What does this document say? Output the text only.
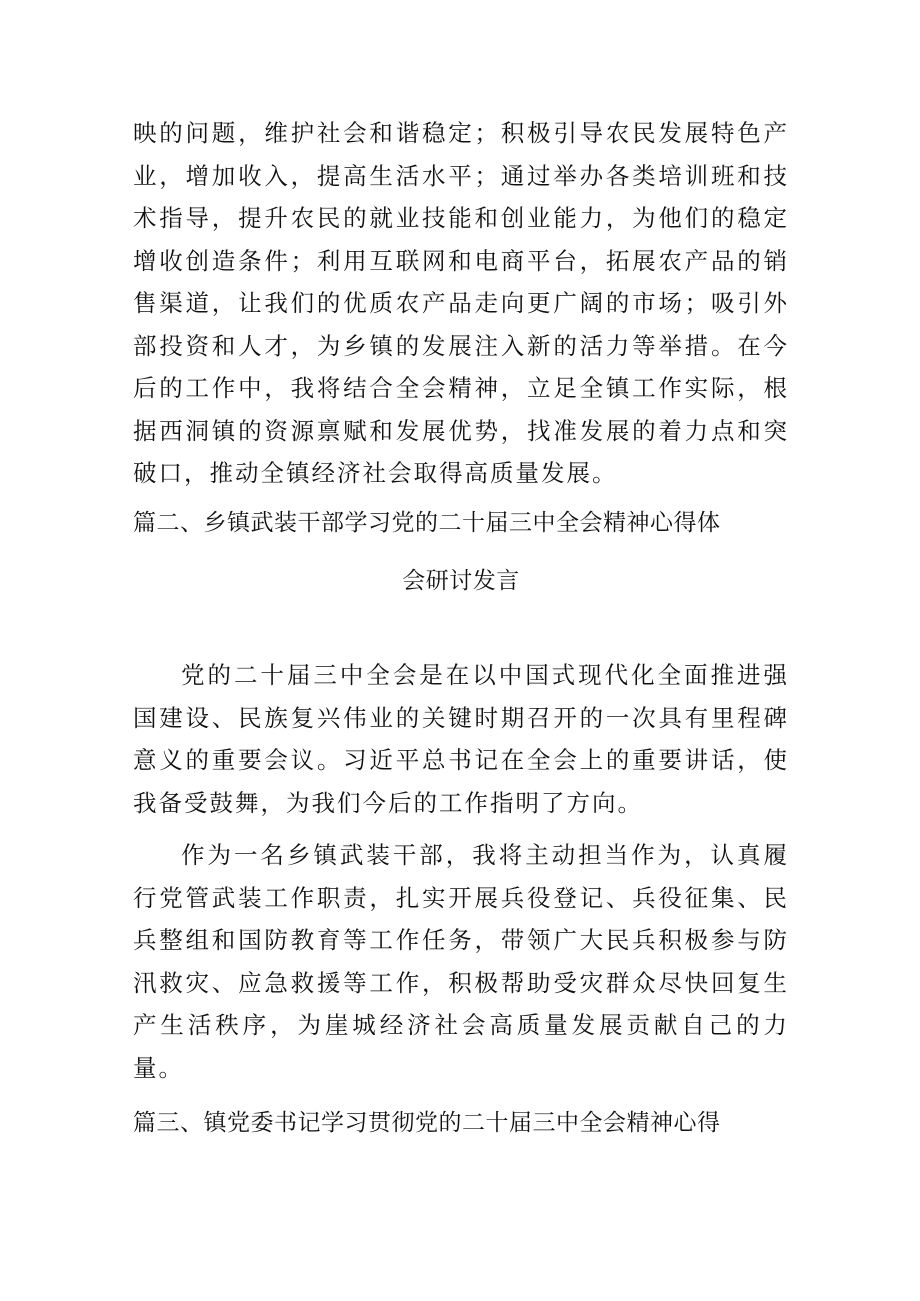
映的问题，维护社会和谐稳定；积极引导农民发展特色产业，增加收入，提高生活水平；通过举办各类培训班和技术指导，提升农民的就业技能和创业能力，为他们的稳定增收创造条件；利用互联网和电商平台，拓展农产品的销售渠道，让我们的优质农产品走向更广阔的市场；吸引外部投资和人才，为乡镇的发展注入新的活力等举措。在今后的工作中，我将结合全会精神，立足全镇工作实际，根据西洞镇的资源禀赋和发展优势，找准发展的着力点和突破口，推动全镇经济社会取得高质量发展。

篇二、乡镇武装干部学习党的二十届三中全会精神心得体
会研讨发言

党的二十届三中全会是在以中国式现代化全面推进强国建设、民族复兴伟业的关键时期召开的一次具有里程碑意义的重要会议。习近平总书记在全会上的重要讲话，使我备受鼓舞，为我们今后的工作指明了方向。

作为一名乡镇武装干部，我将主动担当作为，认真履行党管武装工作职责，扎实开展兵役登记、兵役征集、民兵整组和国防教育等工作任务，带领广大民兵积极参与防汛救灾、应急救援等工作，积极帮助受灾群众尽快回复生产生活秩序，为崖城经济社会高质量发展贡献自己的力量。

篇三、镇党委书记学习贯彻党的二十届三中全会精神心得
